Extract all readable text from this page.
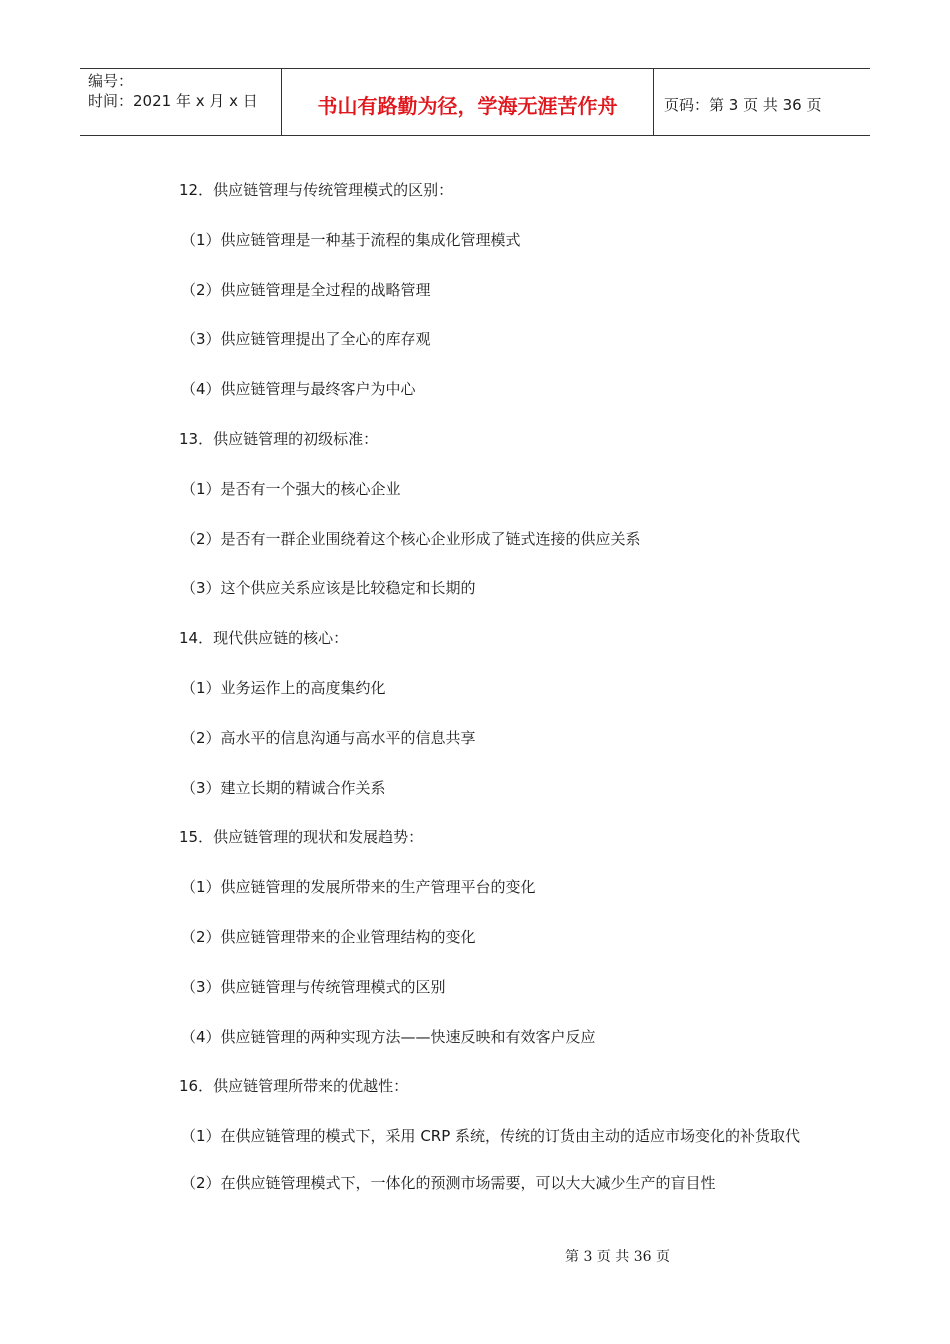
编号：
时间：2021 年 x 月 x 日	书山有路勤为径，学海无涯苦作舟	页码：第 3 页 共 36 页
12．供应链管理与传统管理模式的区别：
（1）供应链管理是一种基于流程的集成化管理模式
（2）供应链管理是全过程的战略管理
（3）供应链管理提出了全心的库存观
（4）供应链管理与最终客户为中心
13．供应链管理的初级标准：
（1）是否有一个强大的核心企业
（2）是否有一群企业围绕着这个核心企业形成了链式连接的供应关系
（3）这个供应关系应该是比较稳定和长期的
14．现代供应链的核心：
（1）业务运作上的高度集约化
（2）高水平的信息沟通与高水平的信息共享
（3）建立长期的精诚合作关系
15．供应链管理的现状和发展趋势：
（1）供应链管理的发展所带来的生产管理平台的变化
（2）供应链管理带来的企业管理结构的变化
（3）供应链管理与传统管理模式的区别
（4）供应链管理的两种实现方法——快速反映和有效客户反应
16．供应链管理所带来的优越性：
（1）在供应链管理的模式下，采用 CRP 系统，传统的订货由主动的适应市场变化的补货取代
（2）在供应链管理模式下，一体化的预测市场需要，可以大大减少生产的盲目性
第 3 页 共 36 页
